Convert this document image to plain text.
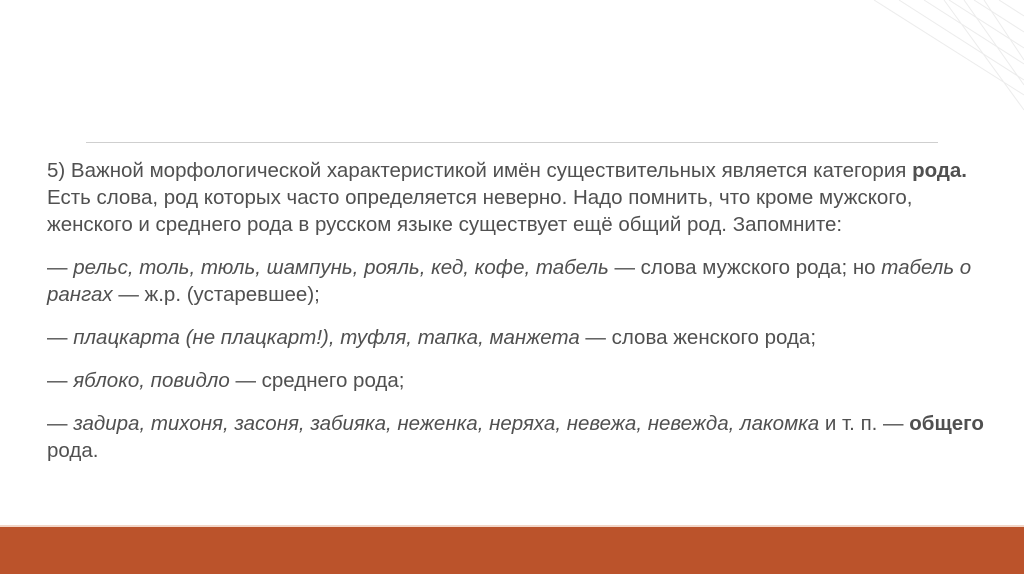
5) Важной морфологической характеристикой имён существительных является категория рода. Есть слова, род которых часто определяется неверно. Надо помнить, что кроме мужского, женского и среднего рода в русском языке существует ещё общий род. Запомните:

— рельс, толь, тюль, шампунь, рояль, кед, кофе, табель — слова мужского рода; но табель о рангах — ж.р. (устаревшее);

— плацкарта (не плацкарт!), туфля, тапка, манжета — слова женского рода;

— яблоко, повидло — среднего рода;

— задира, тихоня, засоня, забияка, неженка, неряха, невежа, невежда, лакомка и т. п. — общего рода.
